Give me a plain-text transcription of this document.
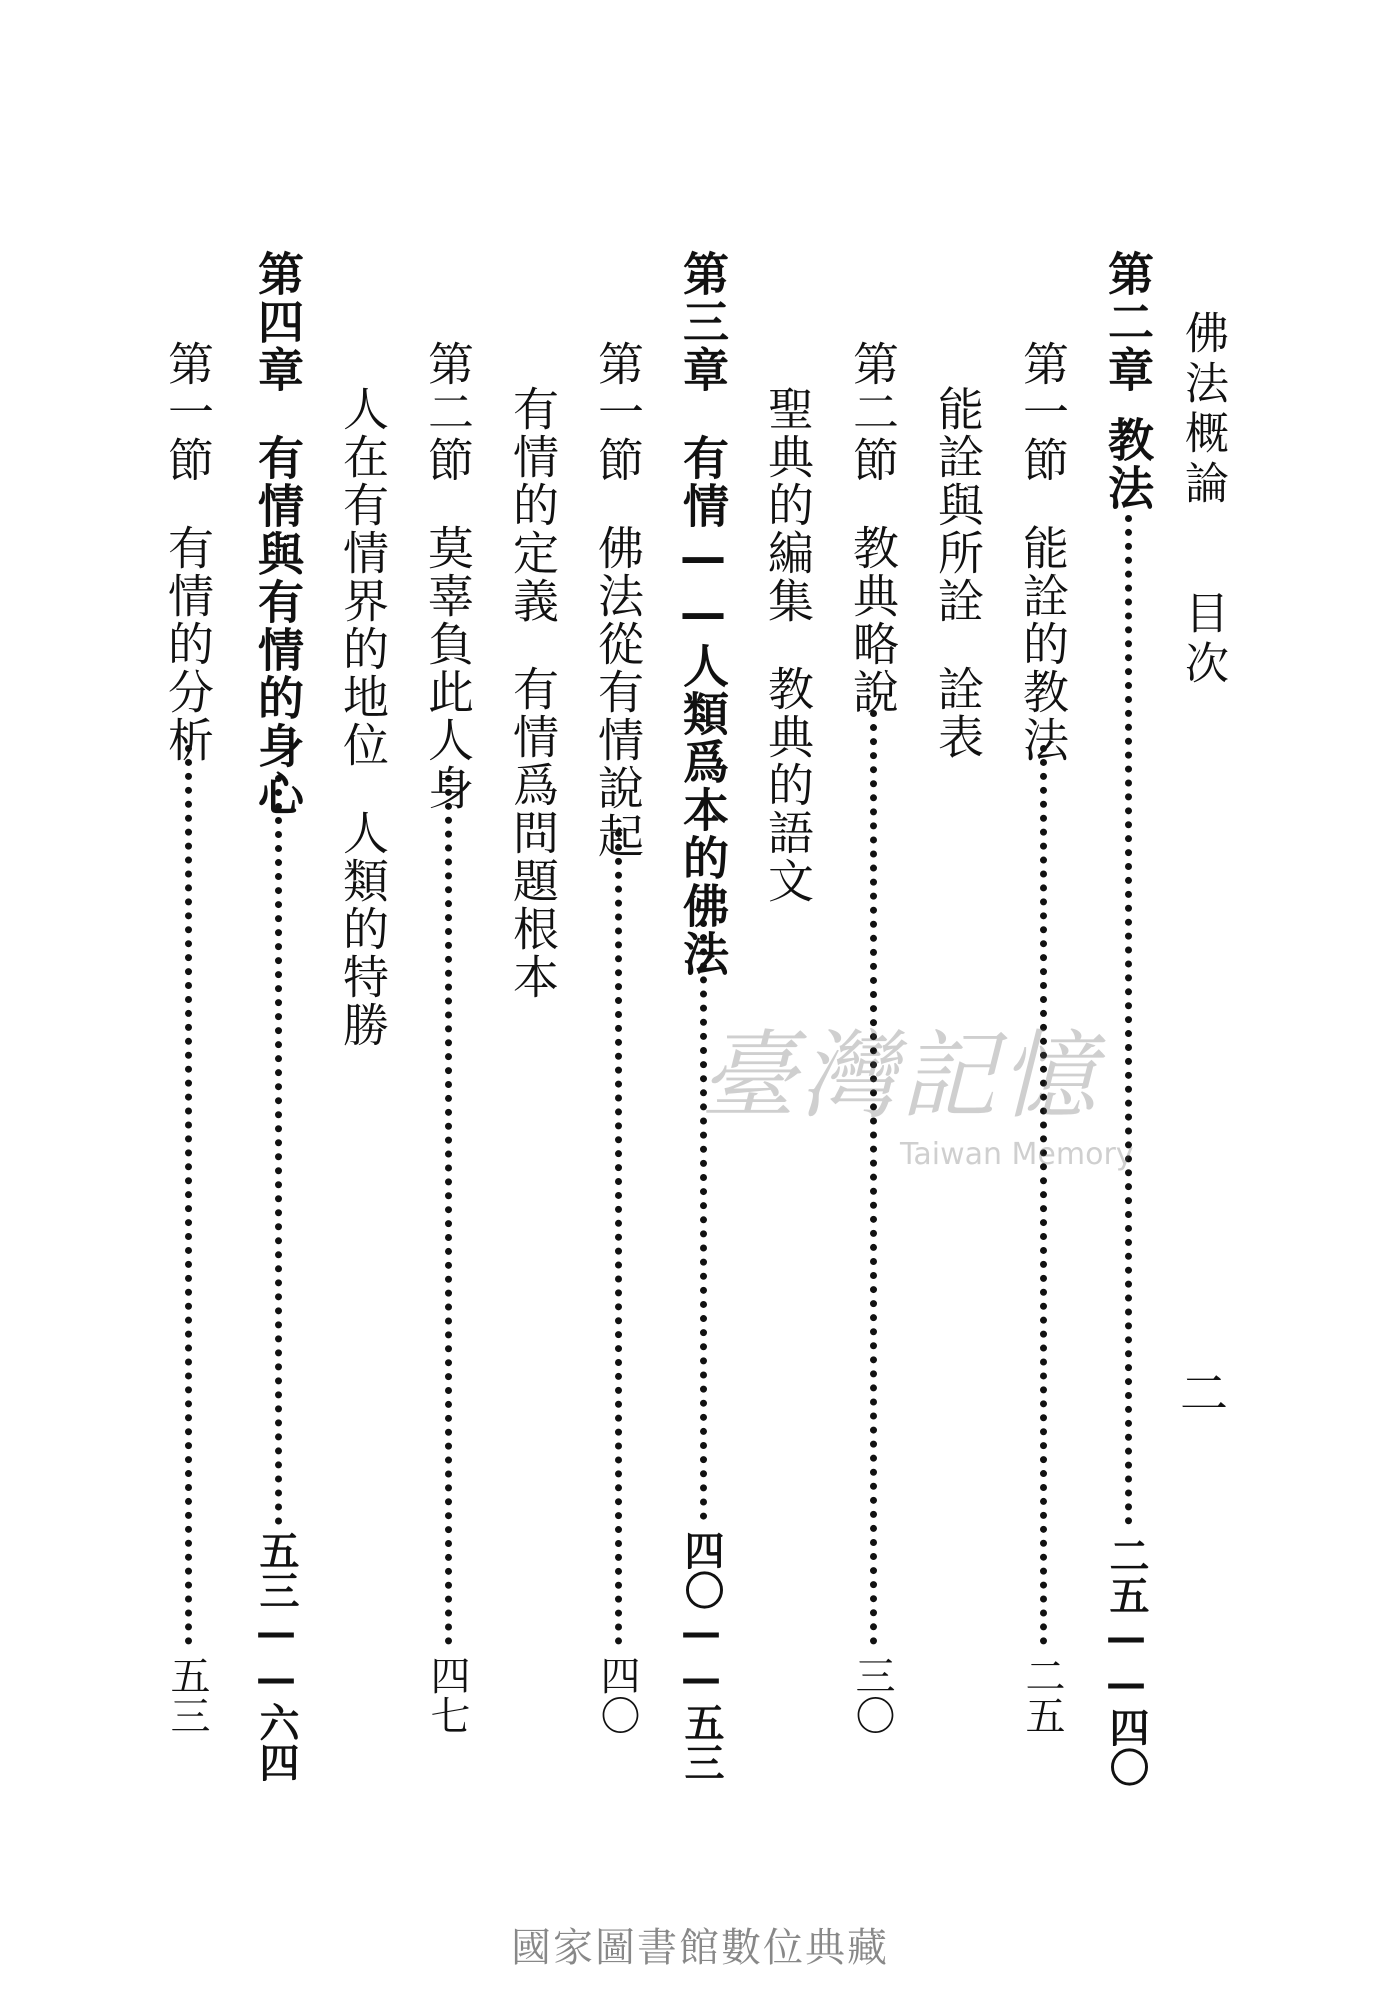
佛法概論目次
二
第二章教法
二五——四〇
第一節能詮的教法
二五
能詮與所詮詮表
第二節教典略說
三〇
聖典的編集教典的語文
第三章有情——人類爲本的佛法
四〇——五三
第一節佛法從有情說起
四〇
有情的定義有情爲問題根本
第二節莫辜負此人身
四七
人在有情界的地位人類的特勝
第四章有情與有情的身心
五三——六四
第一節有情的分析
五三
臺灣記憶
Taiwan Memory
國家圖書館數位典藏
